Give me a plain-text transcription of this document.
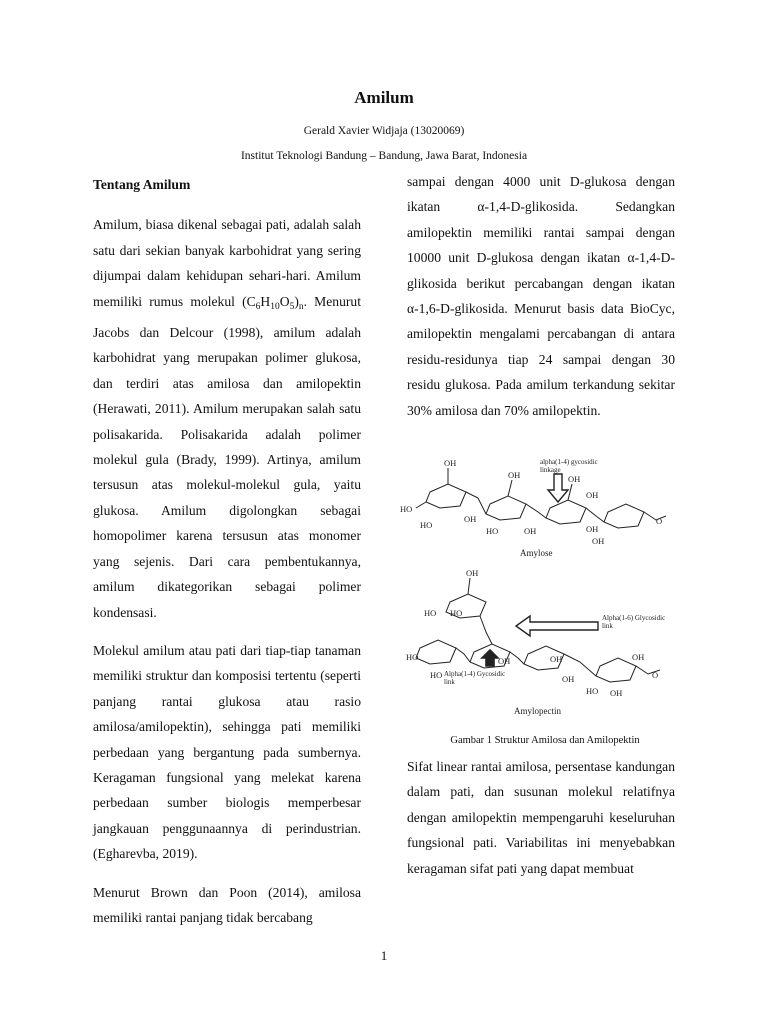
Amilum
Gerald Xavier Widjaja (13020069)
Institut Teknologi Bandung – Bandung, Jawa Barat, Indonesia

Tentang Amilum

Amilum, biasa dikenal sebagai pati, adalah salah satu dari sekian banyak karbohidrat yang sering dijumpai dalam kehidupan sehari-hari. Amilum memiliki rumus molekul $(C_6H_{10}O_5)_n$. Menurut Jacobs dan Delcour (1998), amilum adalah karbohidrat yang merupakan polimer glukosa, dan terdiri atas amilosa dan amilopektin (Herawati, 2011). Amilum merupakan salah satu polisakarida. Polisakarida adalah polimer molekul gula (Brady, 1999). Artinya, amilum tersusun atas molekul-molekul gula, yaitu glukosa. Amilum digolongkan sebagai homopolimer karena tersusun atas monomer yang sejenis. Dari cara pembentukannya, amilum dikategorikan sebagai polimer kondensasi.

Molekul amilum atau pati dari tiap-tiap tanaman memiliki struktur dan komposisi tertentu (seperti panjang rantai glukosa atau rasio amilosa/amilopektin), sehingga pati memiliki perbedaan yang bergantung pada sumbernya. Keragaman fungsional yang melekat karena perbedaan sumber biologis memperbesar jangkauan penggunaannya di perindustrian. (Egharevba, 2019).

Menurut Brown dan Poon (2014), amilosa memiliki rantai panjang tidak bercabang

sampai dengan 4000 unit D-glukosa dengan ikatan α-1,4-D-glikosida. Sedangkan amilopektin memiliki rantai sampai dengan 10000 unit D-glukosa dengan ikatan α-1,4-D-glikosida berikut percabangan dengan ikatan α-1,6-D-glikosida. Menurut basis data BioCyc, amilopektin mengalami percabangan di antara residu-residunya tiap 24 sampai dengan 30 residu glukosa. Pada amilum terkandung sekitar 30% amilosa dan 70% amilopektin.

OH
OH	OH
HO
HO
OH
HO	OH
OH
OH
OH
OH
HO HO
HO
HO
OH	OH
OH
HO OH
OH
O
O
alpha(1-4) gycosidic
linkage
Alpha(1-6) Glycosidic
link
Alpha(1-4) Gycosidic
link
Amylose
Amylopectin
Gambar 1 Struktur Amilosa dan Amilopektin

Sifat linear rantai amilosa, persentase kandungan dalam pati, dan susunan molekul relatifnya dengan amilopektin mempengaruhi keseluruhan fungsional pati. Variabilitas ini menyebabkan keragaman sifat pati yang dapat membuat

1
